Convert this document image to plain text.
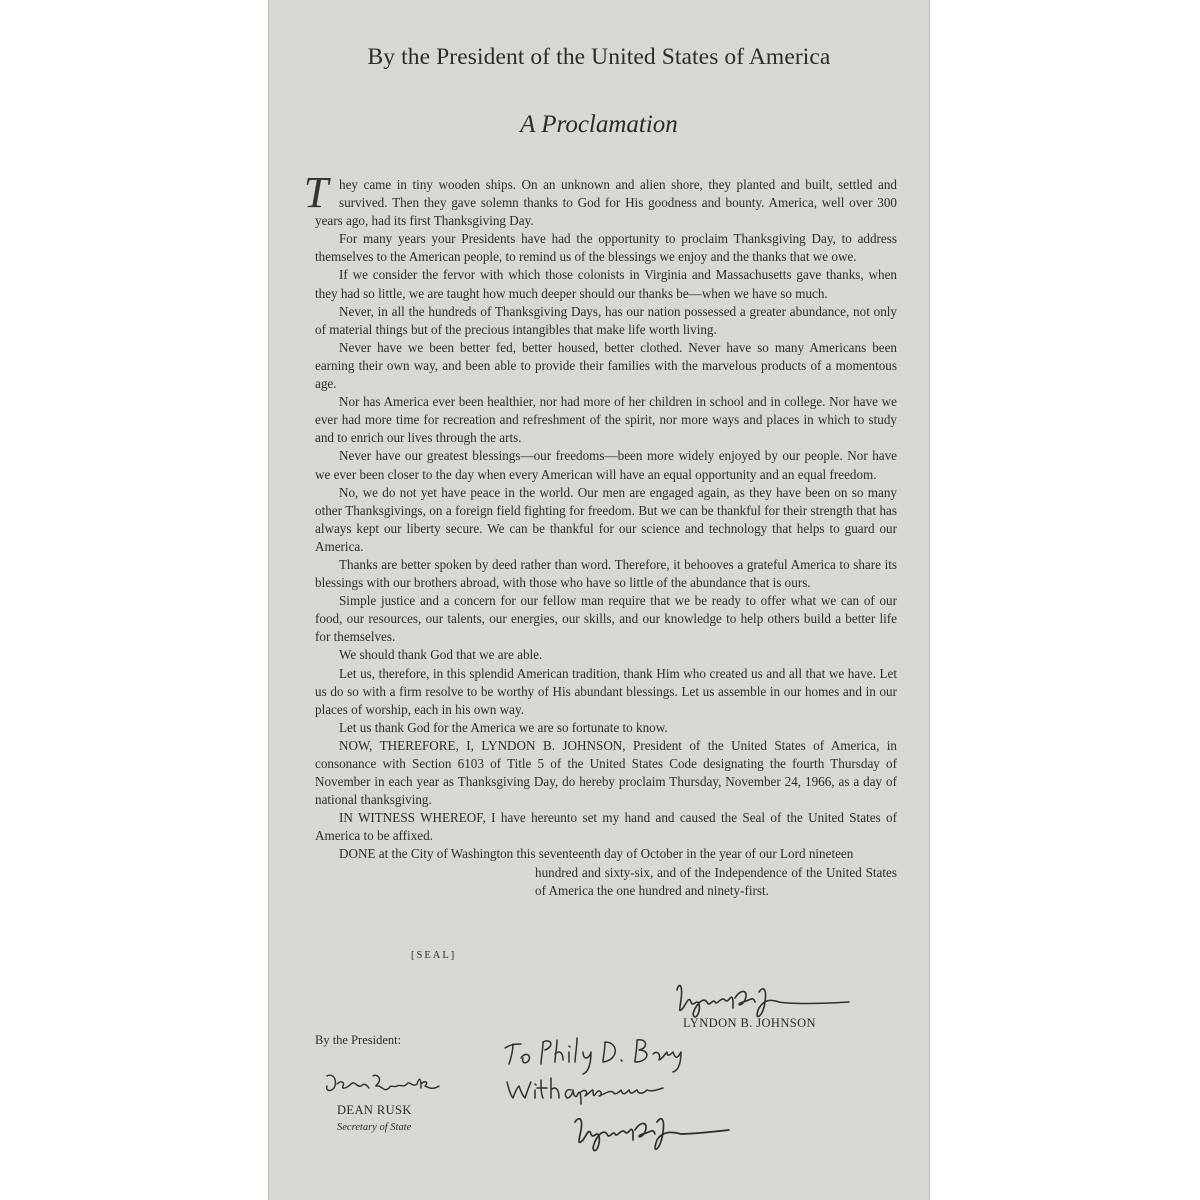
By the President of the United States of America
A Proclamation

They came in tiny wooden ships. On an unknown and alien shore, they planted and built, settled and survived. Then they gave solemn thanks to God for His goodness and bounty. America, well over 300 years ago, had its first Thanksgiving Day.

For many years your Presidents have had the opportunity to proclaim Thanksgiving Day, to address themselves to the American people, to remind us of the blessings we enjoy and the thanks that we owe.

If we consider the fervor with which those colonists in Virginia and Massachusetts gave thanks, when they had so little, we are taught how much deeper should our thanks be—when we have so much.

Never, in all the hundreds of Thanksgiving Days, has our nation possessed a greater abundance, not only of material things but of the precious intangibles that make life worth living.

Never have we been better fed, better housed, better clothed. Never have so many Americans been earning their own way, and been able to provide their families with the marvelous products of a momentous age.

Nor has America ever been healthier, nor had more of her children in school and in college. Nor have we ever had more time for recreation and refreshment of the spirit, nor more ways and places in which to study and to enrich our lives through the arts.

Never have our greatest blessings—our freedoms—been more widely enjoyed by our people. Nor have we ever been closer to the day when every American will have an equal opportunity and an equal freedom.

No, we do not yet have peace in the world. Our men are engaged again, as they have been on so many other Thanksgivings, on a foreign field fighting for freedom. But we can be thankful for their strength that has always kept our liberty secure. We can be thankful for our science and technology that helps to guard our America.

Thanks are better spoken by deed rather than word. Therefore, it behooves a grateful America to share its blessings with our brothers abroad, with those who have so little of the abundance that is ours.

Simple justice and a concern for our fellow man require that we be ready to offer what we can of our food, our resources, our talents, our energies, our skills, and our knowledge to help others build a better life for themselves.

We should thank God that we are able.

Let us, therefore, in this splendid American tradition, thank Him who created us and all that we have. Let us do so with a firm resolve to be worthy of His abundant blessings. Let us assemble in our homes and in our places of worship, each in his own way.

Let us thank God for the America we are so fortunate to know.

NOW, THEREFORE, I, LYNDON B. JOHNSON, President of the United States of America, in consonance with Section 6103 of Title 5 of the United States Code designating the fourth Thursday of November in each year as Thanksgiving Day, do hereby proclaim Thursday, November 24, 1966, as a day of national thanksgiving.

IN WITNESS WHEREOF, I have hereunto set my hand and caused the Seal of the United States of America to be affixed.

DONE at the City of Washington this seventeenth day of October in the year of our Lord nineteen

hundred and sixty-six, and of the Independence of the United States of America the one hundred and ninety-first.

[SEAL]
LYNDON B. JOHNSON
By the President:
DEAN RUSK
Secretary of State
